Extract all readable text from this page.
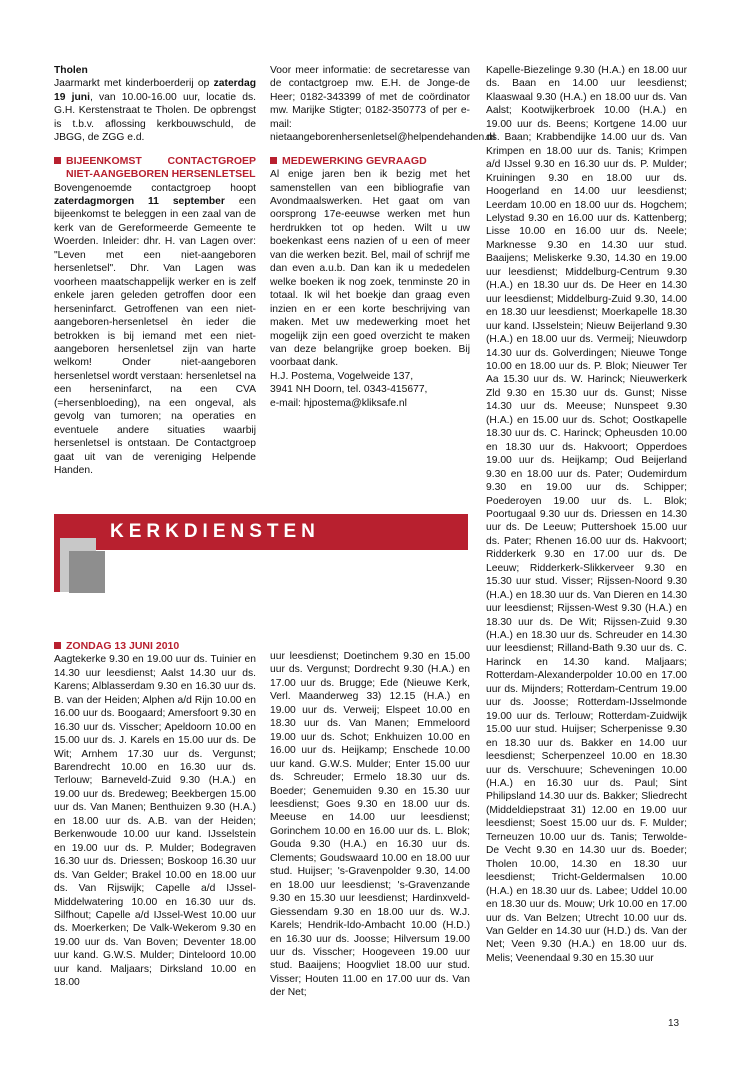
Tholen

Jaarmarkt met kinderboerderij op zaterdag 19 juni, van 10.00-16.00 uur, locatie ds. G.H. Kerstenstraat te Tholen. De opbrengst is t.b.v. aflossing kerkbouwschuld, de JBGG, de ZGG e.d.

BIJEENKOMST CONTACTGROEP NIET-AANGEBOREN HERSENLETSEL

Bovengenoemde contactgroep hoopt zaterdagmorgen 11 september een bijeenkomst te beleggen in een zaal van de kerk van de Gereformeerde Gemeente te Woerden. Inleider: dhr. H. van Lagen over: "Leven met een niet-aangeboren hersenletsel". Dhr. Van Lagen was voorheen maatschappelijk werker en is zelf enkele jaren geleden getroffen door een herseninfarct. Getroffenen van een niet-aangeboren-hersenletsel èn ieder die betrokken is bij iemand met een niet-aangeboren hersenletsel zijn van harte welkom! Onder niet-aangeboren hersenletsel wordt verstaan: hersenletsel na een herseninfarct, na een CVA (=hersenbloeding), na een ongeval, als gevolg van tumoren; na operaties en eventuele andere situaties waarbij hersenletsel is ontstaan. De Contactgroep gaat uit van de vereniging Helpende Handen.

Voor meer informatie: de secretaresse van de contactgroep mw. E.H. de Jonge-de Heer; 0182-343399 of met de coördinator mw. Marijke Stigter; 0182-350773 of per e-mail: nietaangeborenhersenletsel@helpendehanden.nl

MEDEWERKING GEVRAAGD

Al enige jaren ben ik bezig met het samenstellen van een bibliografie van Avondmaalswerken. Het gaat om van oorsprong 17e-eeuwse werken met hun herdrukken tot op heden. Wilt u uw boekenkast eens nazien of u een of meer van die werken bezit. Bel, mail of schrijf me dan even a.u.b. Dan kan ik u mededelen welke boeken ik nog zoek, tenminste 20 in totaal. Ik wil het boekje dan graag even inzien en er een korte beschrijving van maken. Met uw medewerking moet het mogelijk zijn een goed overzicht te maken van deze belangrijke groep boeken. Bij voorbaat dank.

H.J. Postema, Vogelweide 137,

3941 NH Doorn, tel. 0343-415677,

e-mail: hjpostema@kliksafe.nl

Kapelle-Biezelinge 9.30 (H.A.) en 18.00 uur ds. Baan en 14.00 uur leesdienst; Klaaswaal 9.30 (H.A.) en 18.00 uur ds. Van Aalst; Kootwijkerbroek 10.00 (H.A.) en 19.00 uur ds. Beens; Kortgene 14.00 uur ds. Baan; Krabbendijke 14.00 uur ds. Van Krimpen en 18.00 uur ds. Tanis; Krimpen a/d IJssel 9.30 en 16.30 uur ds. P. Mulder; Kruiningen 9.30 en 18.00 uur ds. Hoogerland en 14.00 uur leesdienst; Leerdam 10.00 en 18.00 uur ds. Hogchem; Lelystad 9.30 en 16.00 uur ds. Kattenberg; Lisse 10.00 en 16.00 uur ds. Neele; Marknesse 9.30 en 14.30 uur stud. Baaijens; Meliskerke 9.30, 14.30 en 19.00 uur leesdienst; Middelburg-Centrum 9.30 (H.A.) en 18.30 uur ds. De Heer en 14.30 uur leesdienst; Middelburg-Zuid 9.30, 14.00 en 18.30 uur leesdienst; Moerkapelle 18.30 uur kand. IJsselstein; Nieuw Beijerland 9.30 (H.A.) en 18.00 uur ds. Vermeij; Nieuwdorp 14.30 uur ds. Golverdingen; Nieuwe Tonge 10.00 en 18.00 uur ds. P. Blok; Nieuwer Ter Aa 15.30 uur ds. W. Harinck; Nieuwerkerk Zld 9.30 en 15.30 uur ds. Gunst; Nisse 14.30 uur ds. Meeuse; Nunspeet 9.30 (H.A.) en 15.00 uur ds. Schot; Oostkapelle 18.30 uur ds. C. Harinck; Opheusden 10.00 en 18.30 uur ds. Hakvoort; Opperdoes 19.00 uur ds. Heijkamp; Oud Beijerland 9.30 en 18.00 uur ds. Pater; Oudemirdum 9.30 en 19.00 uur ds. Schipper; Poederoyen 19.00 uur ds. L. Blok; Poortugaal 9.30 uur ds. Driessen en 14.30 uur ds. De Leeuw; Puttershoek 15.00 uur ds. Pater; Rhenen 16.00 uur ds. Hakvoort; Ridderkerk 9.30 en 17.00 uur ds. De Leeuw; Ridderkerk-Slikkerveer 9.30 en 15.30 uur stud. Visser; Rijssen-Noord 9.30 (H.A.) en 18.30 uur ds. Van Dieren en 14.30 uur leesdienst; Rijssen-West 9.30 (H.A.) en 18.30 uur ds. De Wit; Rijssen-Zuid 9.30 (H.A.) en 18.30 uur ds. Schreuder en 14.30 uur leesdienst; Rilland-Bath 9.30 uur ds. C. Harinck en 14.30 kand. Maljaars; Rotterdam-Alexanderpolder 10.00 en 17.00 uur ds. Mijnders; Rotterdam-Centrum 19.00 uur ds. Joosse; Rotterdam-IJsselmonde 19.00 uur ds. Terlouw; Rotterdam-Zuidwijk 15.00 uur stud. Huijser; Scherpenisse 9.30 en 18.30 uur ds. Bakker en 14.00 uur leesdienst; Scherpenzeel 10.00 en 18.30 uur ds. Verschuure; Scheveningen 10.00 (H.A.) en 16.30 uur ds. Paul; Sint Philipsland 14.30 uur ds. Bakker; Sliedrecht (Middeldiepstraat 31) 12.00 en 19.00 uur leesdienst; Soest 15.00 uur ds. F. Mulder; Terneuzen 10.00 uur ds. Tanis; Terwolde-De Vecht 9.30 en 14.30 uur ds. Boeder; Tholen 10.00, 14.30 en 18.30 uur leesdienst; Tricht-Geldermalsen 10.00 (H.A.) en 18.30 uur ds. Labee; Uddel 10.00 en 18.30 uur ds. Mouw; Urk 10.00 en 17.00 uur ds. Van Belzen; Utrecht 10.00 uur ds. Van Gelder en 14.30 uur (H.D.) ds. Van der Net; Veen 9.30 (H.A.) en 18.00 uur ds. Melis; Veenendaal 9.30 en 15.30 uur

KERKDIENSTEN

ZONDAG 13 JUNI 2010

Aagtekerke 9.30 en 19.00 uur ds. Tuinier en 14.30 uur leesdienst; Aalst 14.30 uur ds. Karens; Alblasserdam 9.30 en 16.30 uur ds. B. van der Heiden; Alphen a/d Rijn 10.00 en 16.00 uur ds. Boogaard; Amersfoort 9.30 en 16.30 uur ds. Visscher; Apeldoorn 10.00 en 15.00 uur ds. J. Karels en 15.00 uur ds. De Wit; Arnhem 17.30 uur ds. Vergunst; Barendrecht 10.00 en 16.30 uur ds. Terlouw; Barneveld-Zuid 9.30 (H.A.) en 19.00 uur ds. Bredeweg; Beekbergen 15.00 uur ds. Van Manen; Benthuizen 9.30 (H.A.) en 18.00 uur ds. A.B. van der Heiden; Berkenwoude 10.00 uur kand. IJsselstein en 19.00 uur ds. P. Mulder; Bodegraven 16.30 uur ds. Driessen; Boskoop 16.30 uur ds. Van Gelder; Brakel 10.00 en 18.00 uur ds. Van Rijswijk; Capelle a/d IJssel-Middelwatering 10.00 en 16.30 uur ds. Silfhout; Capelle a/d IJssel-West 10.00 uur ds. Moerkerken; De Valk-Wekerom 9.30 en 19.00 uur ds. Van Boven; Deventer 18.00 uur kand. G.W.S. Mulder; Dinteloord 10.00 uur kand. Maljaars; Dirksland 10.00 en 18.00

uur leesdienst; Doetinchem 9.30 en 15.00 uur ds. Vergunst; Dordrecht 9.30 (H.A.) en 17.00 uur ds. Brugge; Ede (Nieuwe Kerk, Verl. Maanderweg 33) 12.15 (H.A.) en 19.00 uur ds. Verweij; Elspeet 10.00 en 18.30 uur ds. Van Manen; Emmeloord 19.00 uur ds. Schot; Enkhuizen 10.00 en 16.00 uur ds. Heijkamp; Enschede 10.00 uur kand. G.W.S. Mulder; Enter 15.00 uur ds. Schreuder; Ermelo 18.30 uur ds. Boeder; Genemuiden 9.30 en 15.30 uur leesdienst; Goes 9.30 en 18.00 uur ds. Meeuse en 14.00 uur leesdienst; Gorinchem 10.00 en 16.00 uur ds. L. Blok; Gouda 9.30 (H.A.) en 16.30 uur ds. Clements; Goudswaard 10.00 en 18.00 uur stud. Huijser; 's-Gravenpolder 9.30, 14.00 en 18.00 uur leesdienst; 's-Gravenzande 9.30 en 15.30 uur leesdienst; Hardinxveld-Giessendam 9.30 en 18.00 uur ds. W.J. Karels; Hendrik-Ido-Ambacht 10.00 (H.D.) en 16.30 uur ds. Joosse; Hilversum 19.00 uur ds. Visscher; Hoogeveen 19.00 uur stud. Baaijens; Hoogvliet 18.00 uur stud. Visser; Houten 11.00 en 17.00 uur ds. Van der Net;

13
